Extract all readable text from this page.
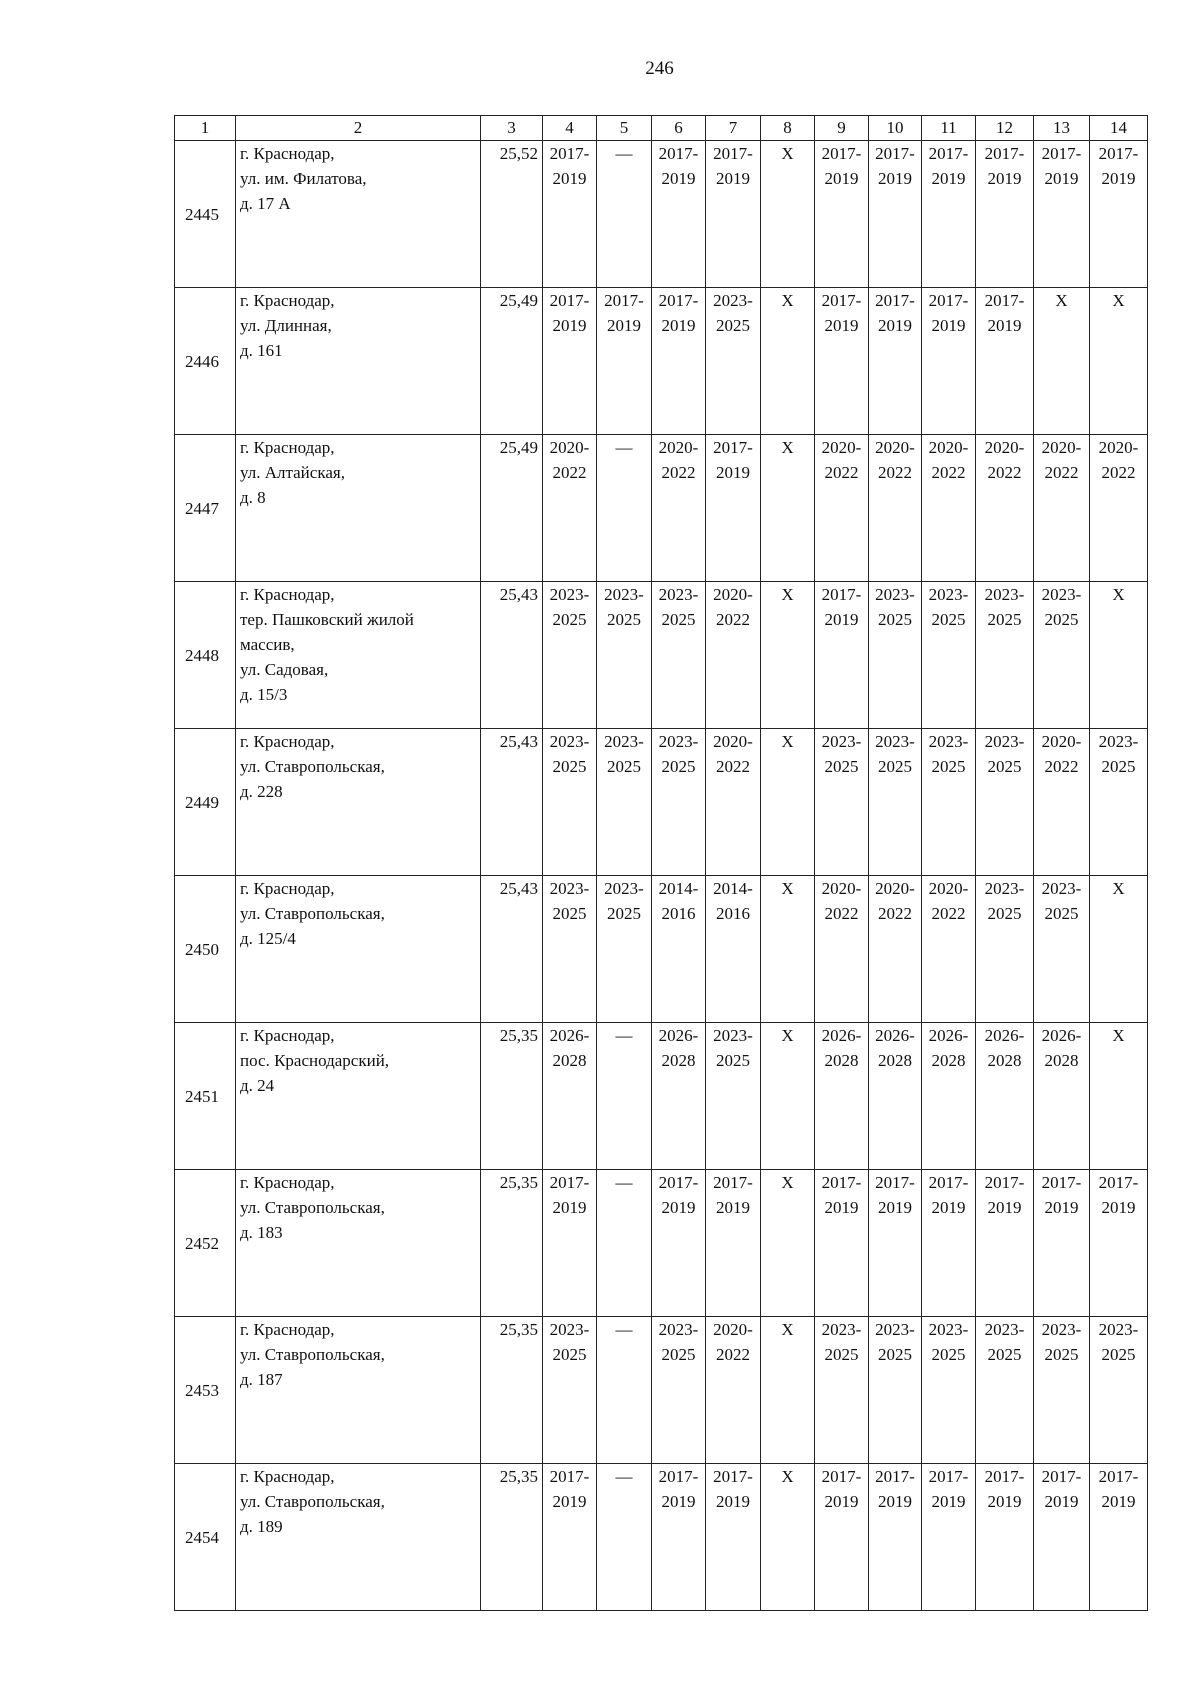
246
1	2	3	4	5	6	7	8	9	10	11	12	13	14
2445	г. Краснодар,
ул. им. Филатова,
д. 17 А	25,52	2017-
2019	—	2017-
2019	2017-
2019	Х	2017-
2019	2017-
2019	2017-
2019	2017-
2019	2017-
2019	2017-
2019
2446	г. Краснодар,
ул. Длинная,
д. 161	25,49	2017-
2019	2017-
2019	2017-
2019	2023-
2025	Х	2017-
2019	2017-
2019	2017-
2019	2017-
2019	Х	Х
2447	г. Краснодар,
ул. Алтайская,
д. 8	25,49	2020-
2022	—	2020-
2022	2017-
2019	Х	2020-
2022	2020-
2022	2020-
2022	2020-
2022	2020-
2022	2020-
2022
2448	г. Краснодар,
тер. Пашковский жилой
массив,
ул. Садовая,
д. 15/3	25,43	2023-
2025	2023-
2025	2023-
2025	2020-
2022	Х	2017-
2019	2023-
2025	2023-
2025	2023-
2025	2023-
2025	Х
2449	г. Краснодар,
ул. Ставропольская,
д. 228	25,43	2023-
2025	2023-
2025	2023-
2025	2020-
2022	Х	2023-
2025	2023-
2025	2023-
2025	2023-
2025	2020-
2022	2023-
2025
2450	г. Краснодар,
ул. Ставропольская,
д. 125/4	25,43	2023-
2025	2023-
2025	2014-
2016	2014-
2016	Х	2020-
2022	2020-
2022	2020-
2022	2023-
2025	2023-
2025	Х
2451	г. Краснодар,
пос. Краснодарский,
д. 24	25,35	2026-
2028	—	2026-
2028	2023-
2025	Х	2026-
2028	2026-
2028	2026-
2028	2026-
2028	2026-
2028	Х
2452	г. Краснодар,
ул. Ставропольская,
д. 183	25,35	2017-
2019	—	2017-
2019	2017-
2019	Х	2017-
2019	2017-
2019	2017-
2019	2017-
2019	2017-
2019	2017-
2019
2453	г. Краснодар,
ул. Ставропольская,
д. 187	25,35	2023-
2025	—	2023-
2025	2020-
2022	Х	2023-
2025	2023-
2025	2023-
2025	2023-
2025	2023-
2025	2023-
2025
2454	г. Краснодар,
ул. Ставропольская,
д. 189	25,35	2017-
2019	—	2017-
2019	2017-
2019	Х	2017-
2019	2017-
2019	2017-
2019	2017-
2019	2017-
2019	2017-
2019
